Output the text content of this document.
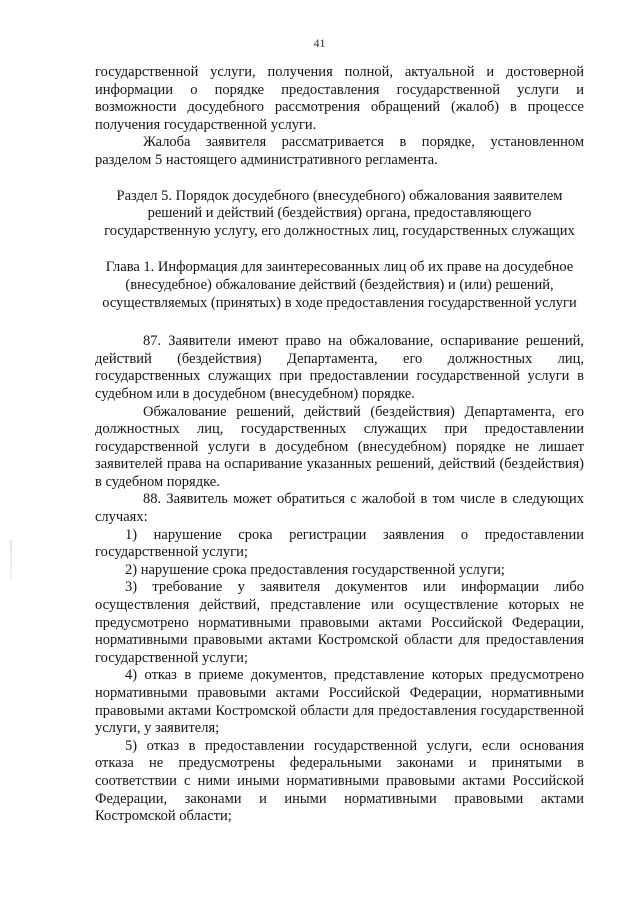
41

государственной услуги, получения полной, актуальной и достоверной информации о порядке предоставления государственной услуги и возможности досудебного рассмотрения обращений (жалоб) в процессе получения государственной услуги.

Жалоба заявителя рассматривается в порядке, установленном разделом 5 настоящего административного регламента.

Раздел 5. Порядок досудебного (внесудебного) обжалования заявителем решений и действий (бездействия) органа, предоставляющего государственную услугу, его должностных лиц, государственных служащих

Глава 1. Информация для заинтересованных лиц об их праве на досудебное (внесудебное) обжалование действий (бездействия) и (или) решений, осуществляемых (принятых) в ходе предоставления государственной услуги

87. Заявители имеют право на обжалование, оспаривание решений, действий (бездействия) Департамента, его должностных лиц, государственных служащих при предоставлении государственной услуги в судебном или в досудебном (внесудебном) порядке.

Обжалование решений, действий (бездействия) Департамента, его должностных лиц, государственных служащих при предоставлении государственной услуги в досудебном (внесудебном) порядке не лишает заявителей права на оспаривание указанных решений, действий (бездействия) в судебном порядке.

88. Заявитель может обратиться с жалобой в том числе в следующих случаях:

1) нарушение срока регистрации заявления о предоставлении государственной услуги;

2) нарушение срока предоставления государственной услуги;

3) требование у заявителя документов или информации либо осуществления действий, представление или осуществление которых не предусмотрено нормативными правовыми актами Российской Федерации, нормативными правовыми актами Костромской области для предоставления государственной услуги;

4) отказ в приеме документов, представление которых предусмотрено нормативными правовыми актами Российской Федерации, нормативными правовыми актами Костромской области для предоставления государственной услуги, у заявителя;

5) отказ в предоставлении государственной услуги, если основания отказа не предусмотрены федеральными законами и принятыми в соответствии с ними иными нормативными правовыми актами Российской Федерации, законами и иными нормативными правовыми актами Костромской области;
